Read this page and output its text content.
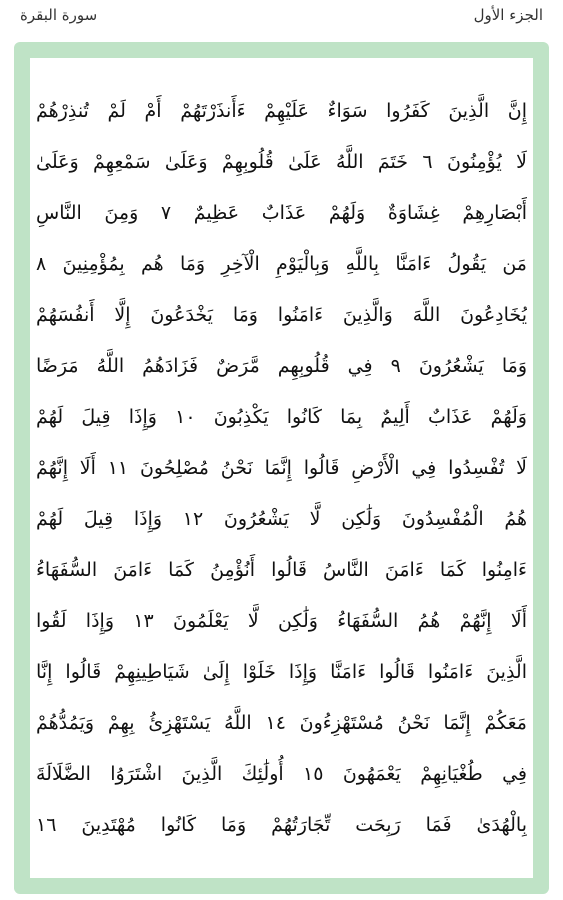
سورة البقرة	الجزء الأول
إِنَّ الَّذِينَ كَفَرُوا سَوَاءٌ عَلَيْهِمْ ءَأَنذَرْتَهُمْ أَمْ لَمْ تُنذِرْهُمْ
لَا يُؤْمِنُونَ ٦ خَتَمَ اللَّهُ عَلَىٰ قُلُوبِهِمْ وَعَلَىٰ سَمْعِهِمْ وَعَلَىٰ
أَبْصَارِهِمْ غِشَاوَةٌ وَلَهُمْ عَذَابٌ عَظِيمٌ ٧ وَمِنَ النَّاسِ
مَن يَقُولُ ءَامَنَّا بِاللَّهِ وَبِالْيَوْمِ الْآخِرِ وَمَا هُم بِمُؤْمِنِينَ ٨
يُخَادِعُونَ اللَّهَ وَالَّذِينَ ءَامَنُوا وَمَا يَخْدَعُونَ إِلَّا أَنفُسَهُمْ
وَمَا يَشْعُرُونَ ٩ فِي قُلُوبِهِم مَّرَضٌ فَزَادَهُمُ اللَّهُ مَرَضًا
وَلَهُمْ عَذَابٌ أَلِيمٌ بِمَا كَانُوا يَكْذِبُونَ ١٠ وَإِذَا قِيلَ لَهُمْ
لَا تُفْسِدُوا فِي الْأَرْضِ قَالُوا إِنَّمَا نَحْنُ مُصْلِحُونَ ١١ أَلَا إِنَّهُمْ
هُمُ الْمُفْسِدُونَ وَلَٰكِن لَّا يَشْعُرُونَ ١٢ وَإِذَا قِيلَ لَهُمْ
ءَامِنُوا كَمَا ءَامَنَ النَّاسُ قَالُوا أَنُؤْمِنُ كَمَا ءَامَنَ السُّفَهَاءُ
أَلَا إِنَّهُمْ هُمُ السُّفَهَاءُ وَلَٰكِن لَّا يَعْلَمُونَ ١٣ وَإِذَا لَقُوا
الَّذِينَ ءَامَنُوا قَالُوا ءَامَنَّا وَإِذَا خَلَوْا إِلَىٰ شَيَاطِينِهِمْ قَالُوا إِنَّا
مَعَكُمْ إِنَّمَا نَحْنُ مُسْتَهْزِءُونَ ١٤ اللَّهُ يَسْتَهْزِئُ بِهِمْ وَيَمُدُّهُمْ
فِي طُغْيَانِهِمْ يَعْمَهُونَ ١٥ أُولَٰئِكَ الَّذِينَ اشْتَرَوُا الضَّلَالَةَ
بِالْهُدَىٰ فَمَا رَبِحَت تِّجَارَتُهُمْ وَمَا كَانُوا مُهْتَدِينَ ١٦
